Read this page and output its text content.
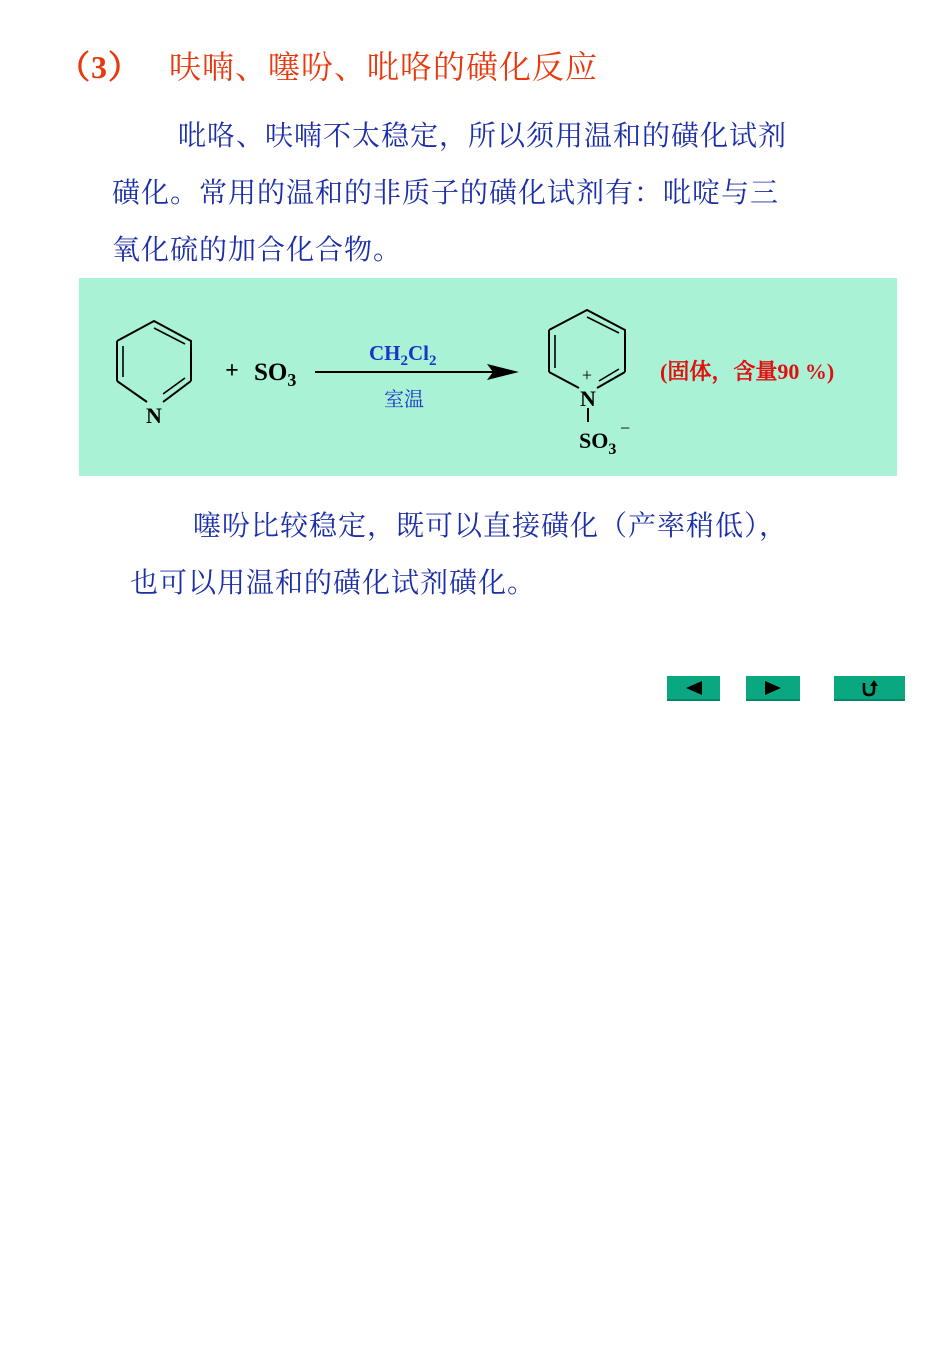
（3） 呋喃、噻吩、吡咯的磺化反应

吡咯、呋喃不太稳定，所以须用温和的磺化试剂

磺化。常用的温和的非质子的磺化试剂有：吡啶与三

氧化硫的加合化合物。

N
+ $SO_3$
$CH_2Cl_2$
室温
+
N
$SO_3$
−
(固体，含量90 %)

噻吩比较稳定，既可以直接磺化（产率稍低），

也可以用温和的磺化试剂磺化。
